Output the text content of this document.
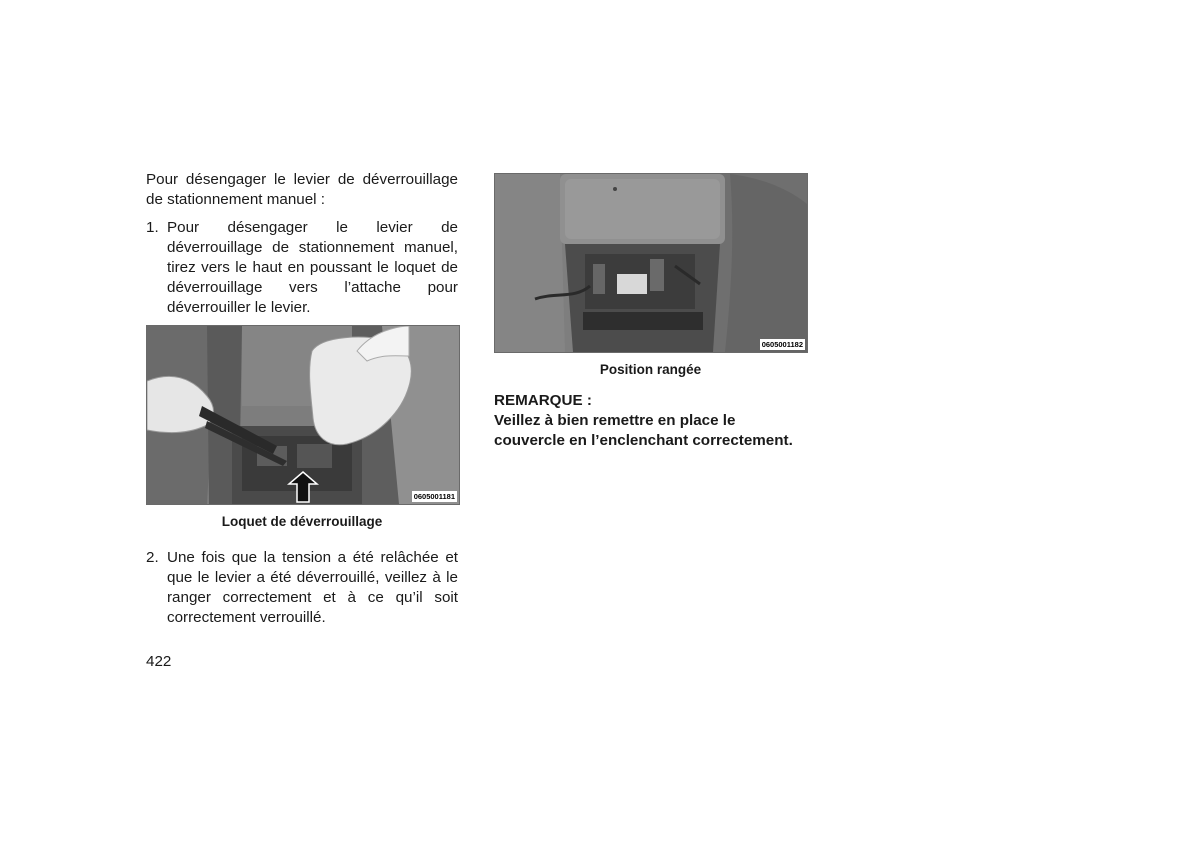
Pour désengager le levier de déverrouillage de stationnement manuel :

1. Pour désengager le levier de déverrouillage de stationnement manuel, tirez vers le haut en poussant le loquet de déverrouillage vers l’attache pour déverrouiller le levier.
0605001181
Loquet de déverrouillage
2. Une fois que la tension a été relâchée et que le levier a été déverrouillé, veillez à le ranger correctement et à ce qu’il soit correctement verrouillé.
0605001182
Position rangée
REMARQUE :
Veillez à bien remettre en place le couvercle en l’enclenchant correctement.
422
